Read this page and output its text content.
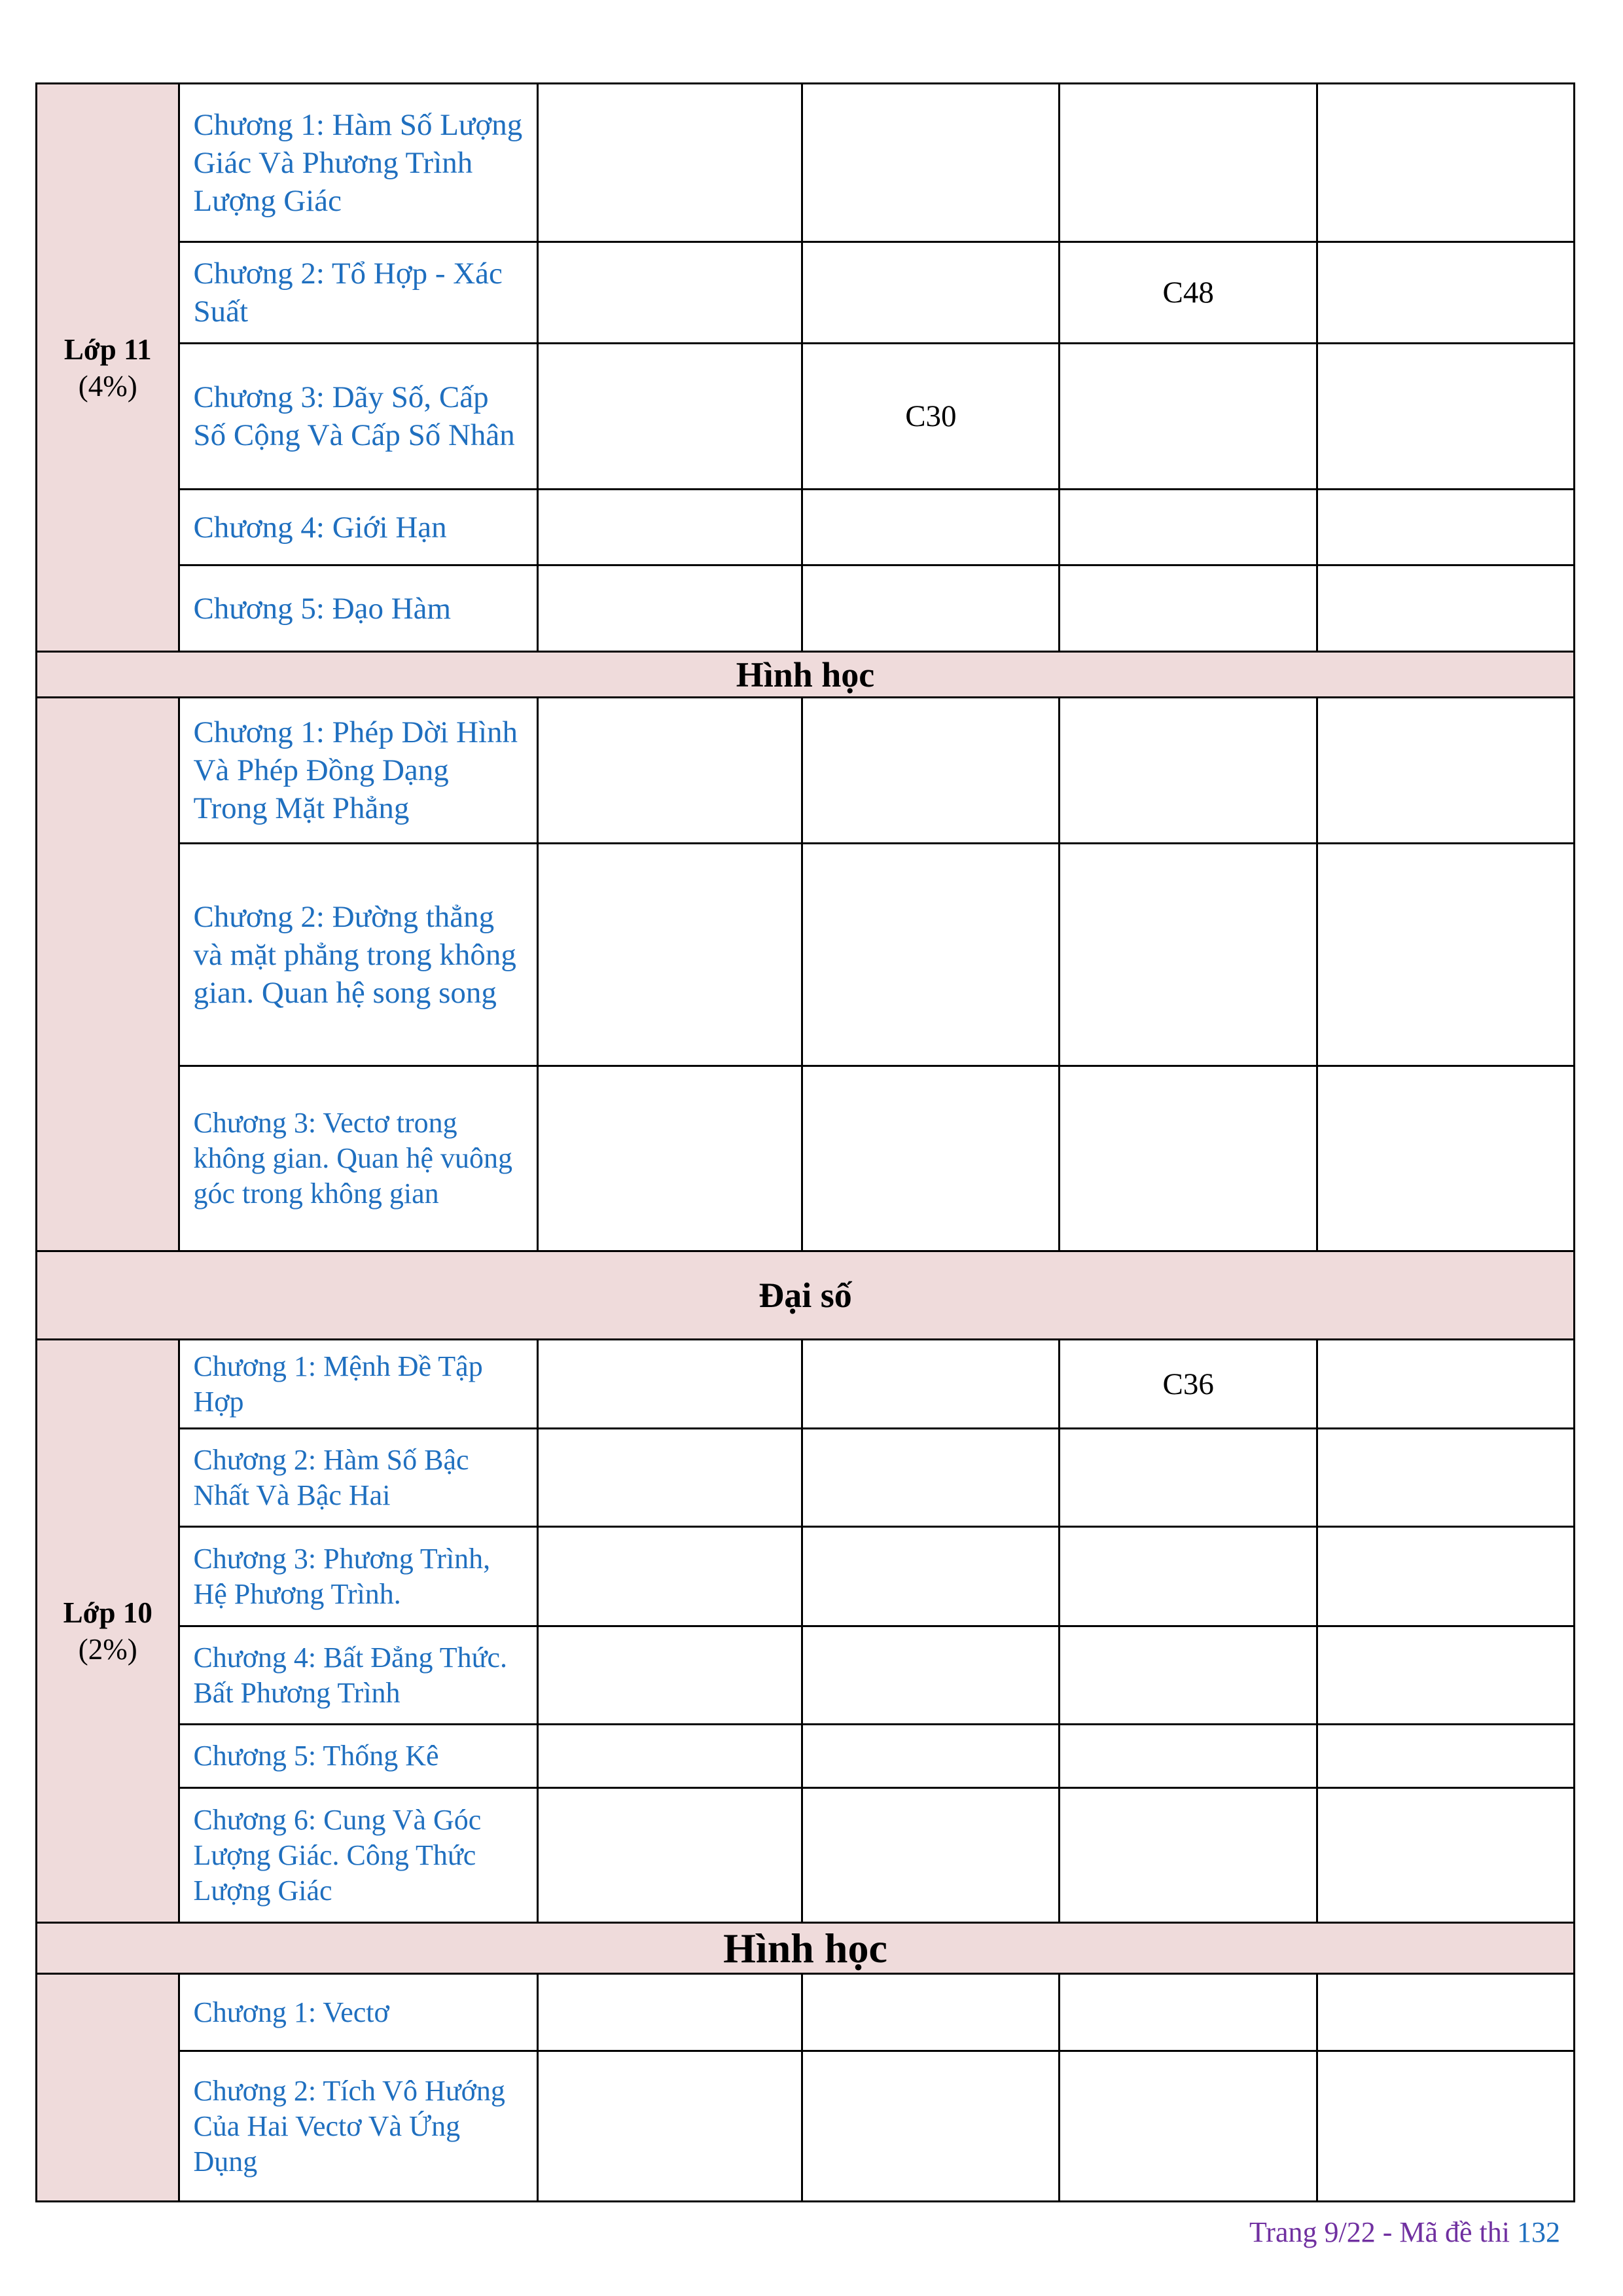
Lớp 11
(4%)	Chương 1: Hàm Số Lượng Giác Và Phương Trình Lượng Giác				
	Chương 2: Tổ Hợp - Xác Suất			C48	
	Chương 3: Dãy Số, Cấp Số Cộng Và Cấp Số Nhân		C30		
	Chương 4: Giới Hạn				
	Chương 5: Đạo Hàm				
Hình học					
	Chương 1: Phép Dời Hình Và Phép Đồng Dạng Trong Mặt Phẳng				
	Chương 2: Đường thẳng và mặt phẳng trong không gian. Quan hệ song song				
	Chương 3: Vectơ trong không gian. Quan hệ vuông góc trong không gian				
Đại số					

Lớp 10
(2%)	Chương 1: Mệnh Đề Tập Hợp			C36	
	Chương 2: Hàm Số Bậc Nhất Và Bậc Hai				
	Chương 3: Phương Trình, Hệ Phương Trình.				
	Chương 4: Bất Đẳng Thức. Bất Phương Trình				
	Chương 5: Thống Kê				
	Chương 6: Cung Và Góc Lượng Giác. Công Thức Lượng Giác				
Hình học					
	Chương 1: Vectơ				
	Chương 2: Tích Vô Hướng Của Hai Vectơ Và Ứng Dụng				
Trang 9/22 - Mã đề thi 132
